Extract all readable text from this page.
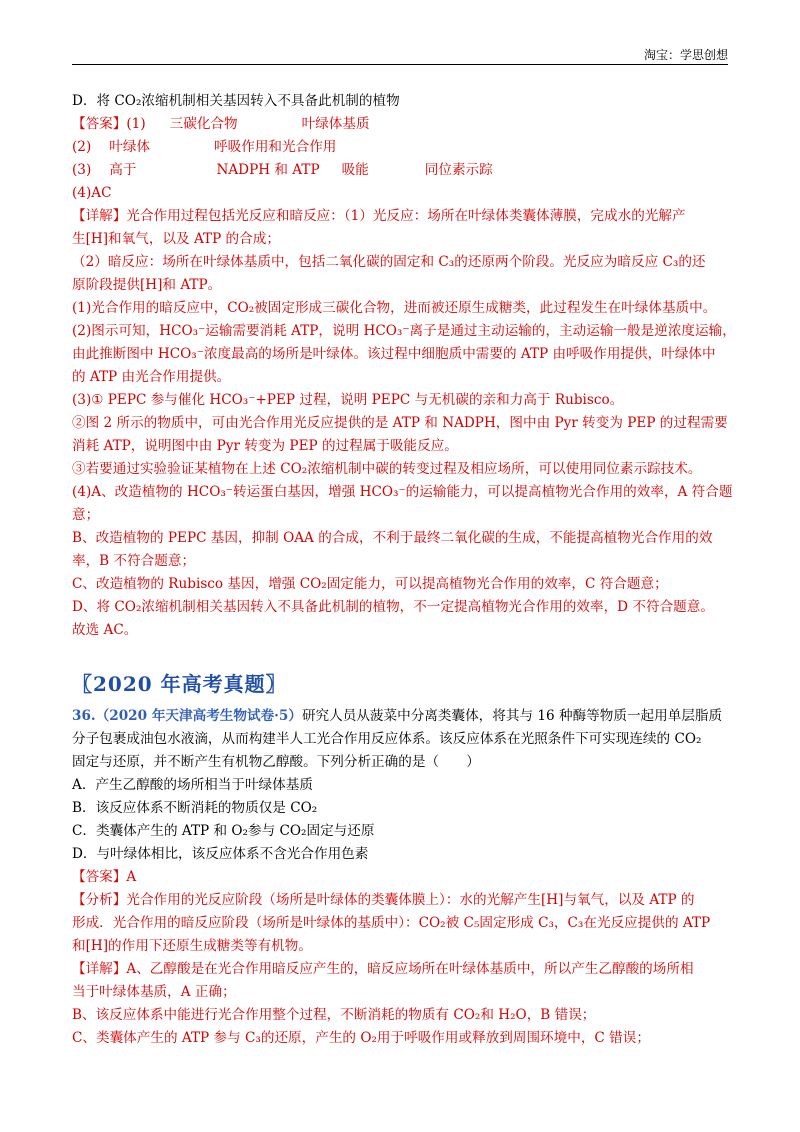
淘宝：学思创想
D．将 CO₂浓缩机制相关基因转入不具备此机制的植物
【答案】(1) 三碳化合物	叶绿体基质
(2) 叶绿体	呼吸作用和光合作用
(3) 高于	NADPH 和 ATP 吸能	同位素示踪
(4)AC
【详解】光合作用过程包括光反应和暗反应：（1）光反应：场所在叶绿体类囊体薄膜，完成水的光解产
生[H]和氧气，以及 ATP 的合成；
（2）暗反应：场所在叶绿体基质中，包括二氧化碳的固定和 C₃的还原两个阶段。光反应为暗反应 C₃的还
原阶段提供[H]和 ATP。
(1)光合作用的暗反应中，CO₂被固定形成三碳化合物，进而被还原生成糖类，此过程发生在叶绿体基质中。
(2)图示可知，HCO₃⁻运输需要消耗 ATP，说明 HCO₃⁻离子是通过主动运输的，主动运输一般是逆浓度运输，
由此推断图中 HCO₃⁻浓度最高的场所是叶绿体。该过程中细胞质中需要的 ATP 由呼吸作用提供，叶绿体中
的 ATP 由光合作用提供。
(3)① PEPC 参与催化 HCO₃⁻+PEP 过程，说明 PEPC 与无机碳的亲和力高于 Rubisco。
②图 2 所示的物质中，可由光合作用光反应提供的是 ATP 和 NADPH，图中由 Pyr 转变为 PEP 的过程需要
消耗 ATP，说明图中由 Pyr 转变为 PEP 的过程属于吸能反应。
③若要通过实验验证某植物在上述 CO₂浓缩机制中碳的转变过程及相应场所，可以使用同位素示踪技术。
(4)A、改造植物的 HCO₃⁻转运蛋白基因，增强 HCO₃⁻的运输能力，可以提高植物光合作用的效率，A 符合题
意；
B、改造植物的 PEPC 基因，抑制 OAA 的合成，不利于最终二氧化碳的生成，不能提高植物光合作用的效
率，B 不符合题意；
C、改造植物的 Rubisco 基因，增强 CO₂固定能力，可以提高植物光合作用的效率，C 符合题意；
D、将 CO₂浓缩机制相关基因转入不具备此机制的植物，不一定提高植物光合作用的效率，D 不符合题意。
故选 AC。
〖2020 年高考真题〗
36.（2020 年天津高考生物试卷·5）研究人员从菠菜中分离类囊体，将其与 16 种酶等物质一起用单层脂质
分子包裹成油包水液滴，从而构建半人工光合作用反应体系。该反应体系在光照条件下可实现连续的 CO₂
固定与还原，并不断产生有机物乙醇酸。下列分析正确的是（　　）
A．产生乙醇酸的场所相当于叶绿体基质
B．该反应体系不断消耗的物质仅是 CO₂
C．类囊体产生的 ATP 和 O₂参与 CO₂固定与还原
D．与叶绿体相比，该反应体系不含光合作用色素
【答案】A
【分析】光合作用的光反应阶段（场所是叶绿体的类囊体膜上）：水的光解产生[H]与氧气，以及 ATP 的
形成．光合作用的暗反应阶段（场所是叶绿体的基质中）：CO₂被 C₅固定形成 C₃，C₃在光反应提供的 ATP
和[H]的作用下还原生成糖类等有机物。
【详解】A、乙醇酸是在光合作用暗反应产生的，暗反应场所在叶绿体基质中，所以产生乙醇酸的场所相
当于叶绿体基质，A 正确；
B、该反应体系中能进行光合作用整个过程，不断消耗的物质有 CO₂和 H₂O，B 错误；
C、类囊体产生的 ATP 参与 C₃的还原，产生的 O₂用于呼吸作用或释放到周围环境中，C 错误；
